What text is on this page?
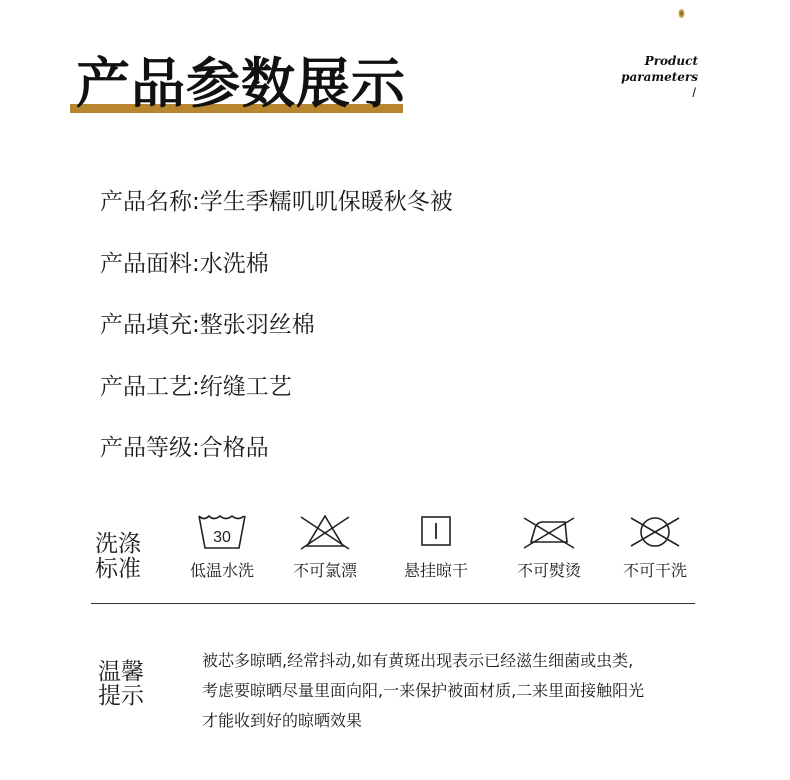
产品参数展示	Product
parameters
/
产品名称:学生季糯叽叽保暖秋冬被
产品面料:水洗棉
产品填充:整张羽丝棉
产品工艺:绗缝工艺
产品等级:合格品
洗涤
标准
30
低温水洗	不可氯漂	悬挂晾干	不可熨烫	不可干洗
温馨
提示
被芯多晾晒,经常抖动,如有黄斑出现表示已经滋生细菌或虫类,
考虑要晾晒尽量里面向阳,一来保护被面材质,二来里面接触阳光
才能收到好的晾晒效果
